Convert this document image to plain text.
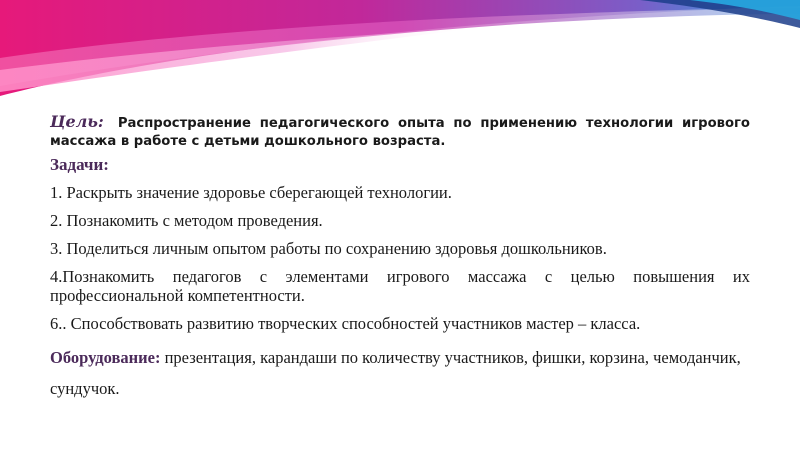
Цель: Распространение педагогического опыта по применению технологии игрового массажа в работе с детьми дошкольного возраста.

Задачи:

1. Раскрыть значение здоровье сберегающей технологии.

2. Познакомить с методом проведения.

3. Поделиться личным опытом работы по сохранению здоровья дошкольников.

4.Познакомить педагогов с элементами игрового массажа с целью повышения их профессиональной компетентности.

6.. Способствовать развитию творческих способностей участников мастер – класса.

Оборудование: презентация, карандаши по количеству участников, фишки, корзина, чемоданчик, сундучок.
